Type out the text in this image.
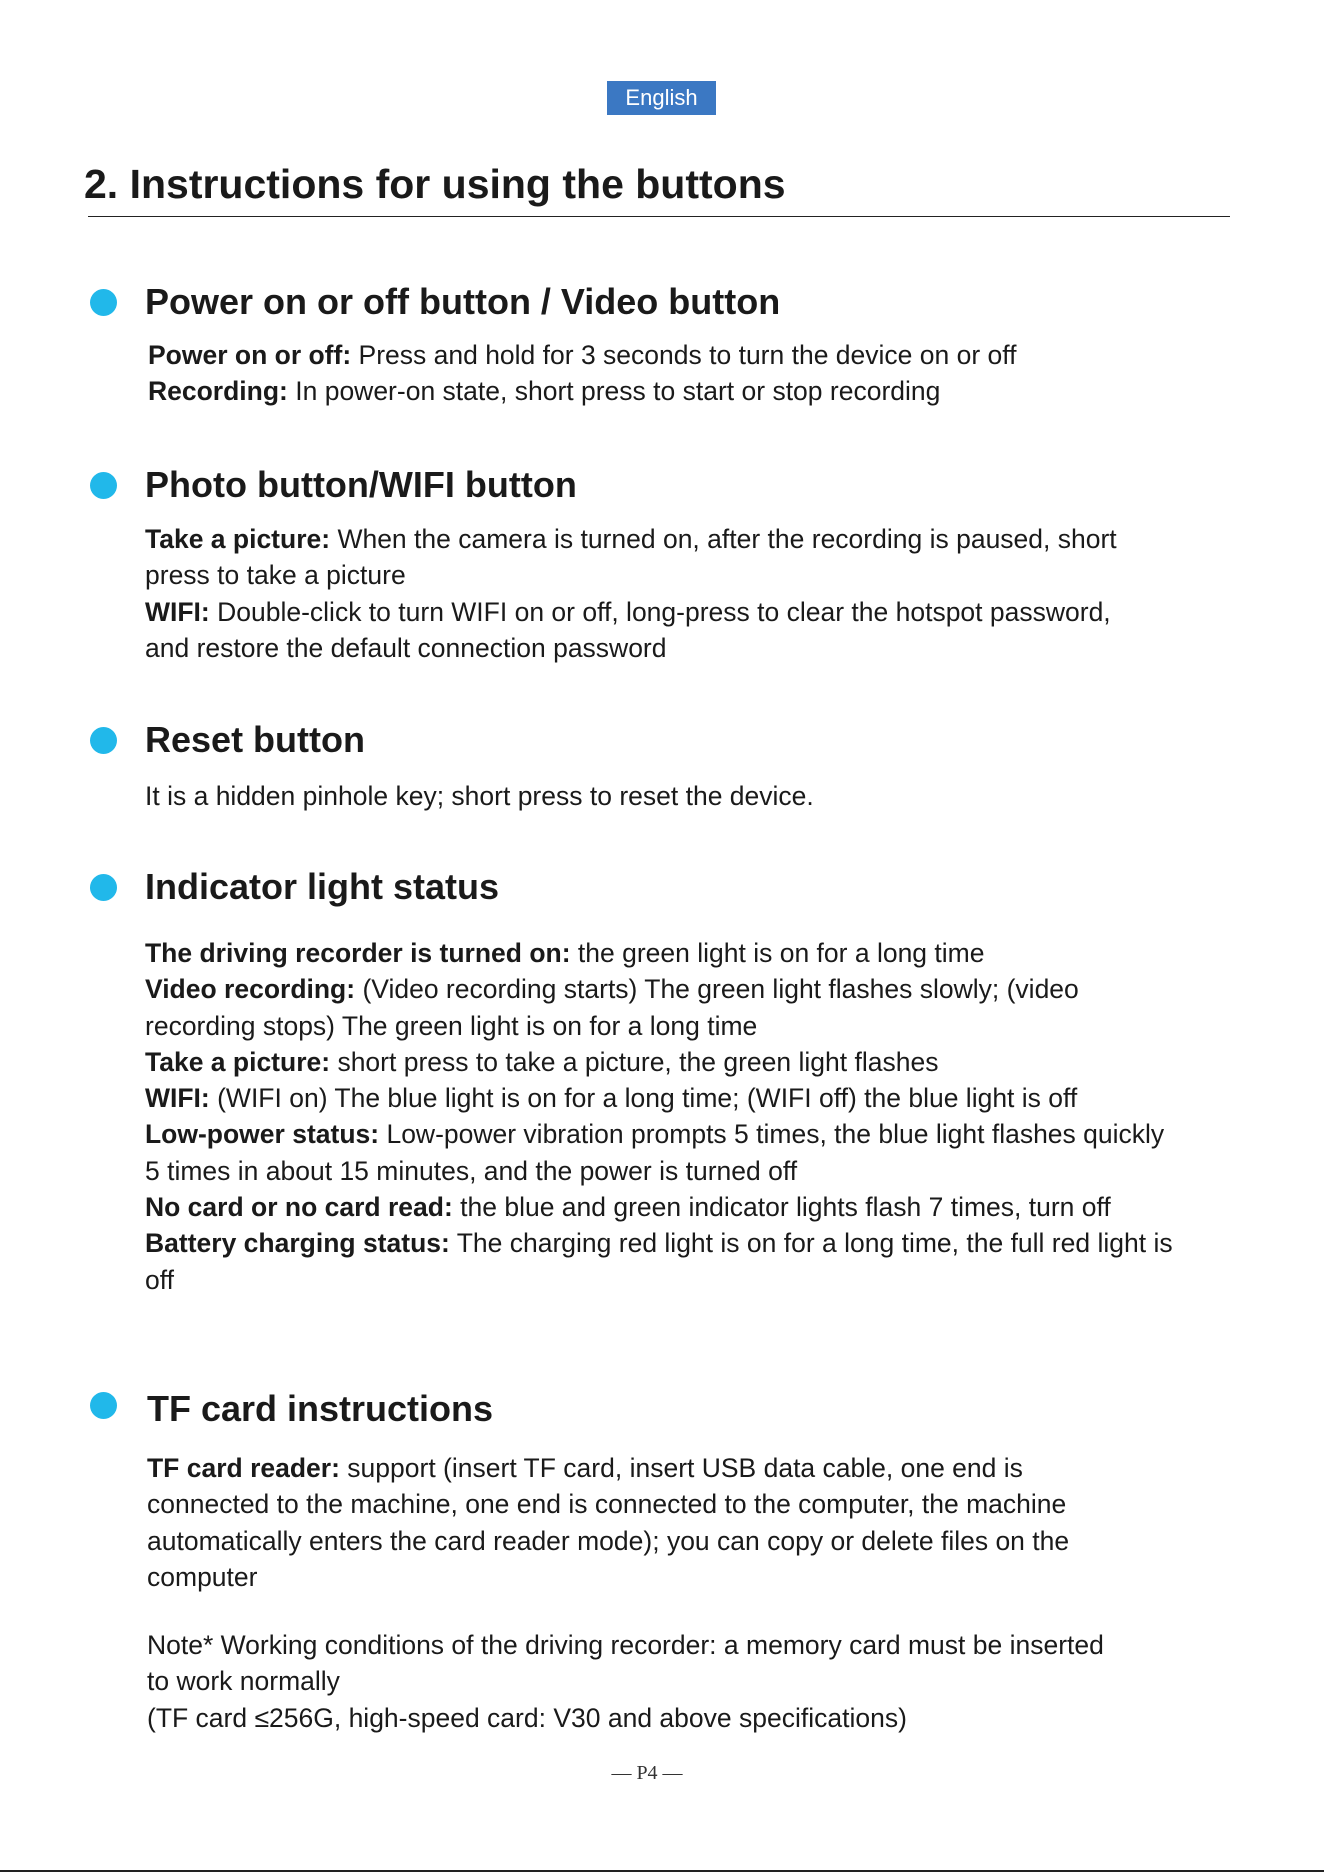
English
2. Instructions for using the buttons
Power on or off button / Video button

Power on or off: Press and hold for 3 seconds to turn the device on or off

Recording: In power-on state, short press to start or stop recording

Photo button/WIFI button

Take a picture: When the camera is turned on, after the recording is paused, short press to take a picture

WIFI: Double-click to turn WIFI on or off, long-press to clear the hotspot password, and restore the default connection password

Reset button

It is a hidden pinhole key; short press to reset the device.

Indicator light status

The driving recorder is turned on: the green light is on for a long time

Video recording: (Video recording starts) The green light flashes slowly; (video recording stops) The green light is on for a long time

Take a picture: short press to take a picture, the green light flashes

WIFI: (WIFI on) The blue light is on for a long time; (WIFI off) the blue light is off

Low-power status: Low-power vibration prompts 5 times, the blue light flashes quickly 5 times in about 15 minutes, and the power is turned off

No card or no card read: the blue and green indicator lights flash 7 times, turn off

Battery charging status: The charging red light is on for a long time, the full red light is off

TF card instructions

TF card reader: support (insert TF card, insert USB data cable, one end is connected to the machine, one end is connected to the computer, the machine automatically enters the card reader mode); you can copy or delete files on the computer

Note* Working conditions of the driving recorder: a memory card must be inserted to work normally

(TF card ≤256G, high-speed card: V30 and above specifications)

— P4 —
